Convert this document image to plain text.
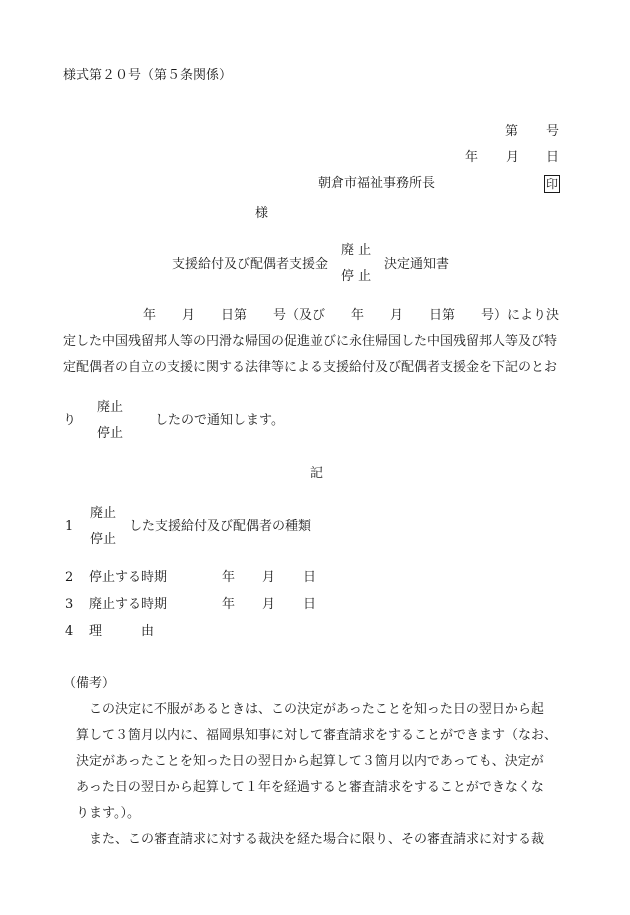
様式第２０号（第５条関係）
第 号
年 月 日
朝倉市福祉事務所長	印
様
支援給付及び配偶者支援金
廃 止
停 止
決定通知書
年　　月　　日第　　号（及び　　年　　月　　日第　　号）により決
定した中国残留邦人等の円滑な帰国の促進並びに永住帰国した中国残留邦人等及び特
定配偶者の自立の支援に関する法律等による支援給付及び配偶者支援金を下記のとお
り
廃止
停止
したので通知します。
記
1
廃止
停止
した支援給付及び配偶者の種類
2 停止する時期	年 月 日
3 廃止する時期	年 月 日
4 理	由
（備考）
この決定に不服があるときは、この決定があったことを知った日の翌日から起
算して３箇月以内に、福岡県知事に対して審査請求をすることができます（なお、
決定があったことを知った日の翌日から起算して３箇月以内であっても、決定が
あった日の翌日から起算して１年を経過すると審査請求をすることができなくな
ります。）。
また、この審査請求に対する裁決を経た場合に限り、その審査請求に対する裁
